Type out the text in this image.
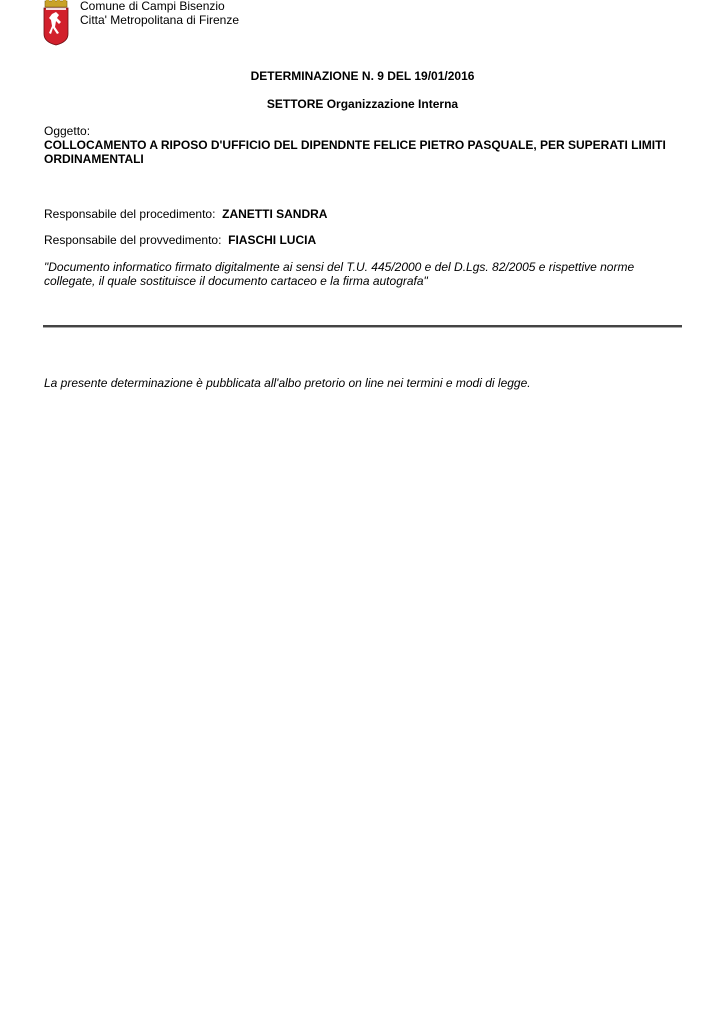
Comune di Campi Bisenzio
Citta' Metropolitana di Firenze
DETERMINAZIONE N. 9 DEL 19/01/2016
SETTORE Organizzazione Interna
Oggetto:
COLLOCAMENTO A RIPOSO D'UFFICIO DEL DIPENDNTE FELICE PIETRO PASQUALE, PER SUPERATI LIMITI ORDINAMENTALI
Responsabile del procedimento: ZANETTI SANDRA
Responsabile del provvedimento: FIASCHI LUCIA
"Documento informatico firmato digitalmente ai sensi del T.U. 445/2000 e del D.Lgs. 82/2005 e rispettive norme collegate, il quale sostituisce il documento cartaceo e la firma autografa"
La presente determinazione è pubblicata all'albo pretorio on line nei termini e modi di legge.
